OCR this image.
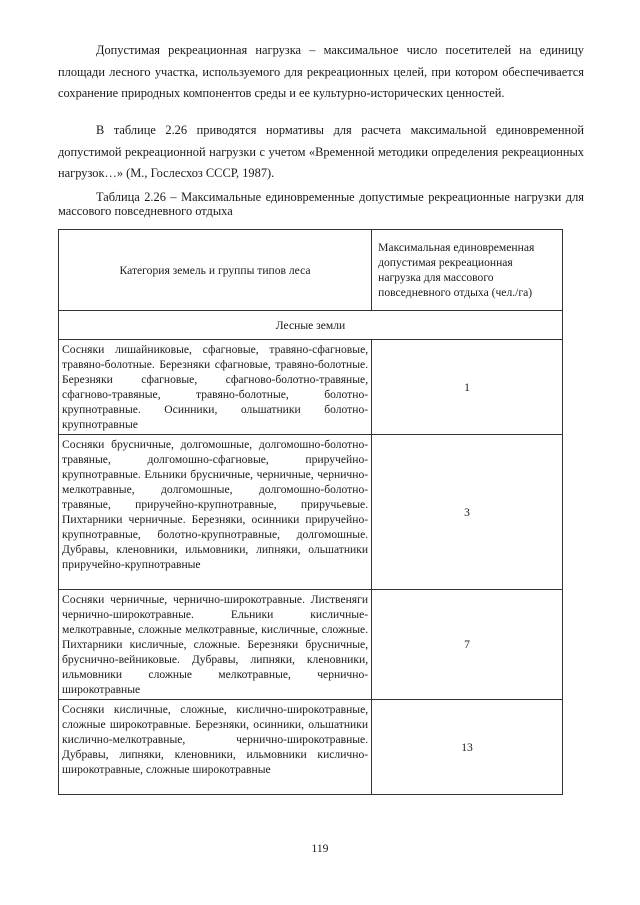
Допустимая рекреационная нагрузка – максимальное число посетителей на единицу площади лесного участка, используемого для рекреационных целей, при котором обеспечивается сохранение природных компонентов среды и ее культурно-исторических ценностей.

В таблице 2.26 приводятся нормативы для расчета максимальной единовременной допустимой рекреационной нагрузки с учетом «Временной методики определения рекреационных нагрузок…» (М., Гослесхоз СССР, 1987).

Таблица 2.26 – Максимальные единовременные допустимые рекреационные нагрузки для массового повседневного отдыха

Категория земель и группы типов леса	Максимальная единовременная допустимая рекреационная нагрузка для массового повседневного отдыха (чел./га)
Лесные земли	
Сосняки лишайниковые, сфагновые, травяно-сфагновые, травяно-болотные. Березняки сфагновые, травяно-болотные. Березняки сфагновые, сфагново-болотно-травяные, сфагново-травяные, травяно-болотные, болотно-крупнотравные. Осинники, ольшатники болотно-крупнотравные	1
Сосняки брусничные, долгомошные, долгомошно-болотно-травяные, долгомошно-сфагновые, приручейно-крупнотравные. Ельники брусничные, черничные, чернично-мелкотравные, долгомошные, долгомошно-болотно-травяные, приручейно-крупнотравные, приручьевые. Пихтарники черничные. Березняки, осинники приручейно-крупнотравные, болотно-крупнотравные, долгомошные. Дубравы, кленовники, ильмовники, липняки, ольшатники приручейно-крупнотравные	3
Сосняки черничные, чернично-широкотравные. Лиственяги чернично-широкотравные. Ельники кисличные-мелкотравные, сложные мелкотравные, кисличные, сложные. Пихтарники кисличные, сложные. Березняки брусничные, бруснично-вейниковые. Дубравы, липняки, кленовники, ильмовники сложные мелкотравные, чернично-широкотравные	7
Сосняки кисличные, сложные, кислично-широкотравные, сложные широкотравные. Березняки, осинники, ольшатники кислично-мелкотравные, чернично-широкотравные. Дубравы, липняки, кленовники, ильмовники кислично-широкотравные, сложные широкотравные	13
119
